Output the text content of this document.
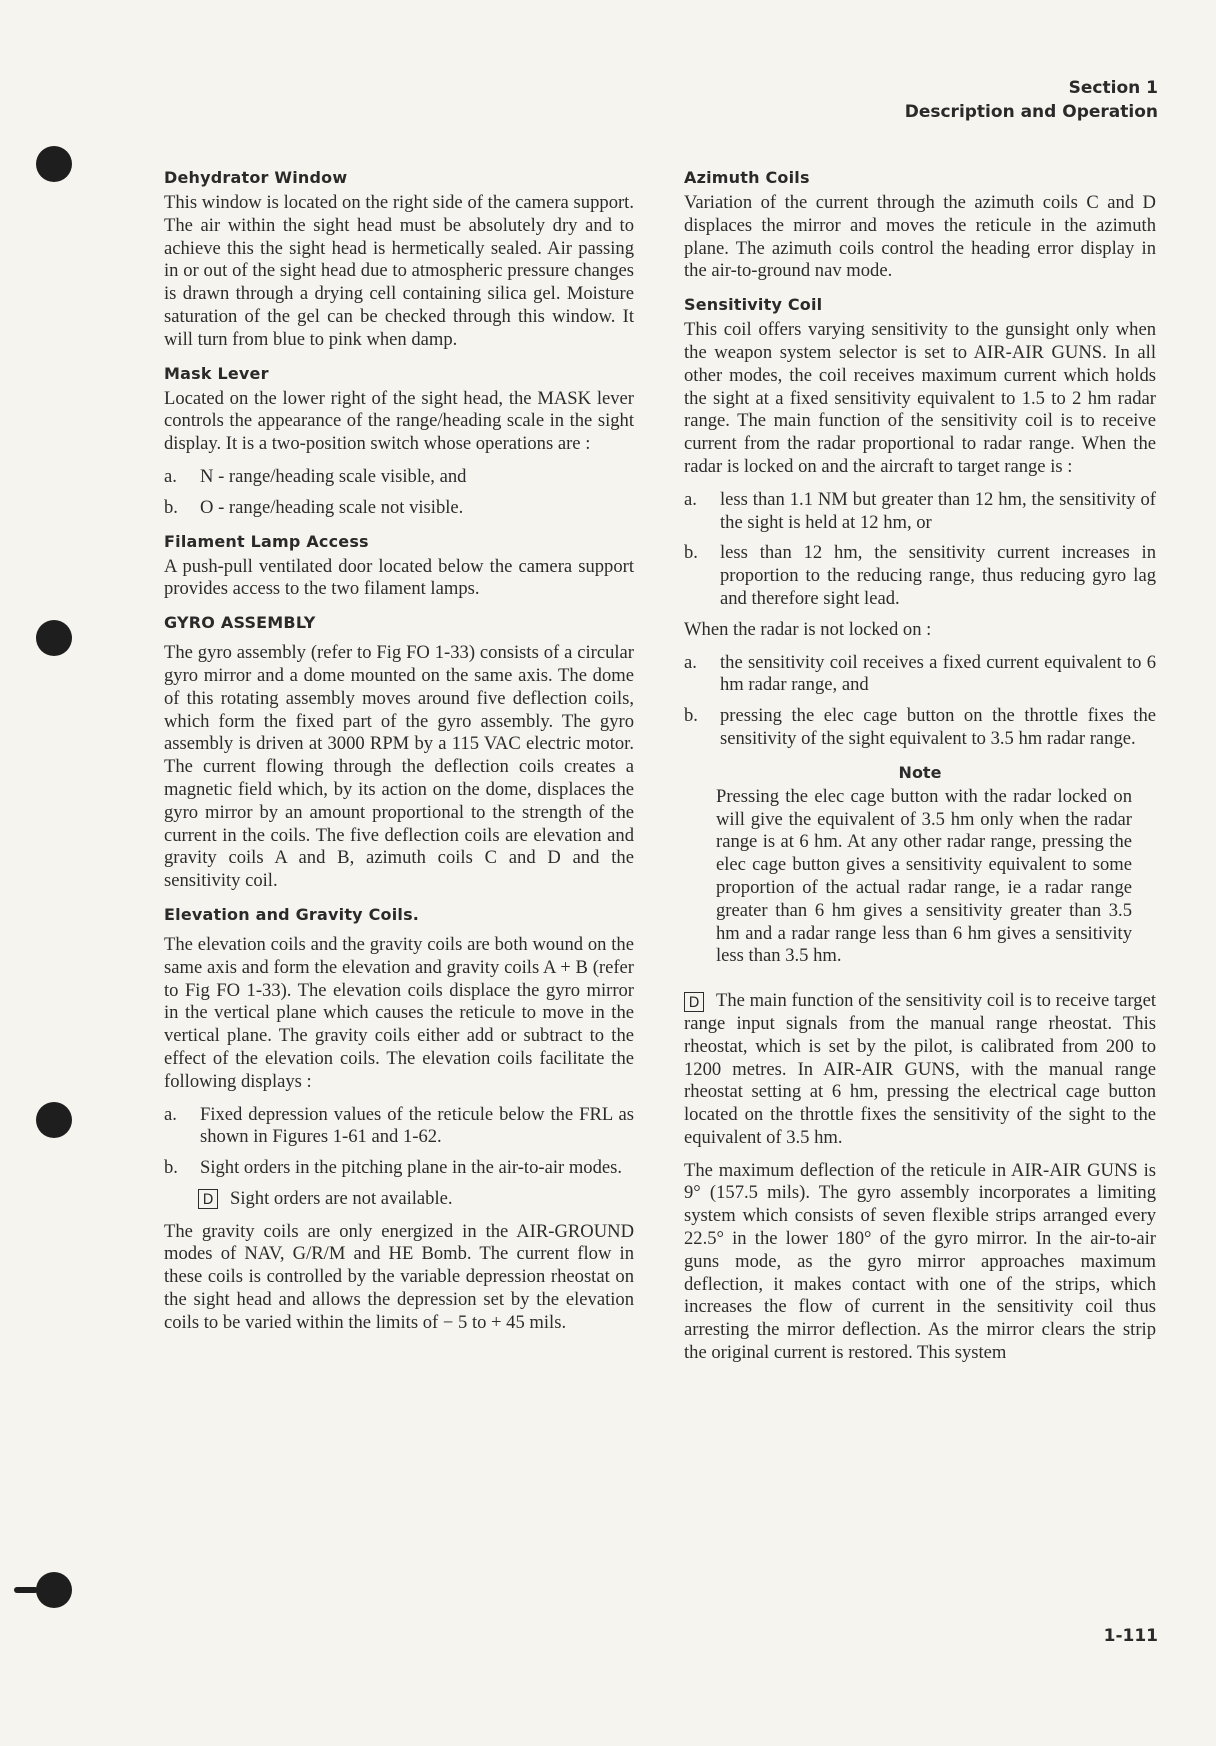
Section 1
Description and Operation
Dehydrator Window

This window is located on the right side of the camera support. The air within the sight head must be absolutely dry and to achieve this the sight head is hermetically sealed. Air passing in or out of the sight head due to atmospheric pressure changes is drawn through a drying cell containing silica gel. Moisture saturation of the gel can be checked through this window. It will turn from blue to pink when damp.

Mask Lever

Located on the lower right of the sight head, the MASK lever controls the appearance of the range/heading scale in the sight display. It is a two-position switch whose operations are :

a.	N - range/heading scale visible, and
b.	O - range/heading scale not visible.
Filament Lamp Access

A push-pull ventilated door located below the camera support provides access to the two filament lamps.

GYRO ASSEMBLY

The gyro assembly (refer to Fig FO 1-33) consists of a circular gyro mirror and a dome mounted on the same axis. The dome of this rotating assembly moves around five deflection coils, which form the fixed part of the gyro assembly. The gyro assembly is driven at 3000 RPM by a 115 VAC electric motor. The current flowing through the deflection coils creates a magnetic field which, by its action on the dome, displaces the gyro mirror by an amount proportional to the strength of the current in the coils. The five deflection coils are elevation and gravity coils A and B, azimuth coils C and D and the sensitivity coil.

Elevation and Gravity Coils.

The elevation coils and the gravity coils are both wound on the same axis and form the elevation and gravity coils A + B (refer to Fig FO 1-33). The elevation coils displace the gyro mirror in the vertical plane which causes the reticule to move in the vertical plane. The gravity coils either add or subtract to the effect of the elevation coils. The elevation coils facilitate the following displays :

a.	Fixed depression values of the reticule below the FRL as shown in Figures 1-61 and 1-62.
b.	Sight orders in the pitching plane in the air-to-air modes.
D Sight orders are not available.

The gravity coils are only energized in the AIR-GROUND modes of NAV, G/R/M and HE Bomb. The current flow in these coils is controlled by the variable depression rheostat on the sight head and allows the depression set by the elevation coils to be varied within the limits of − 5 to + 45 mils.

Azimuth Coils

Variation of the current through the azimuth coils C and D displaces the mirror and moves the reticule in the azimuth plane. The azimuth coils control the heading error display in the air-to-ground nav mode.

Sensitivity Coil

This coil offers varying sensitivity to the gunsight only when the weapon system selector is set to AIR-AIR GUNS. In all other modes, the coil receives maximum current which holds the sight at a fixed sensitivity equivalent to 1.5 to 2 hm radar range. The main function of the sensitivity coil is to receive current from the radar proportional to radar range. When the radar is locked on and the aircraft to target range is :

a.	less than 1.1 NM but greater than 12 hm, the sensitivity of the sight is held at 12 hm, or
b.	less than 12 hm, the sensitivity current increases in proportion to the reducing range, thus reducing gyro lag and therefore sight lead.

When the radar is not locked on :

a.	the sensitivity coil receives a fixed current equivalent to 6 hm radar range, and
b.	pressing the elec cage button on the throttle fixes the sensitivity of the sight equivalent to 3.5 hm radar range.
Note
Pressing the elec cage button with the radar locked on will give the equivalent of 3.5 hm only when the radar range is at 6 hm. At any other radar range, pressing the elec cage button gives a sensitivity equivalent to some proportion of the actual radar range, ie a radar range greater than 6 hm gives a sensitivity greater than 3.5 hm and a radar range less than 6 hm gives a sensitivity less than 3.5 hm.

D The main function of the sensitivity coil is to receive target range input signals from the manual range rheostat. This rheostat, which is set by the pilot, is calibrated from 200 to 1200 metres. In AIR-AIR GUNS, with the manual range rheostat setting at 6 hm, pressing the electrical cage button located on the throttle fixes the sensitivity of the sight to the equivalent of 3.5 hm.

The maximum deflection of the reticule in AIR-AIR GUNS is 9° (157.5 mils). The gyro assembly incorporates a limiting system which consists of seven flexible strips arranged every 22.5° in the lower 180° of the gyro mirror. In the air-to-air guns mode, as the gyro mirror approaches maximum deflection, it makes contact with one of the strips, which increases the flow of current in the sensitivity coil thus arresting the mirror deflection. As the mirror clears the strip the original current is restored. This system

1-111
